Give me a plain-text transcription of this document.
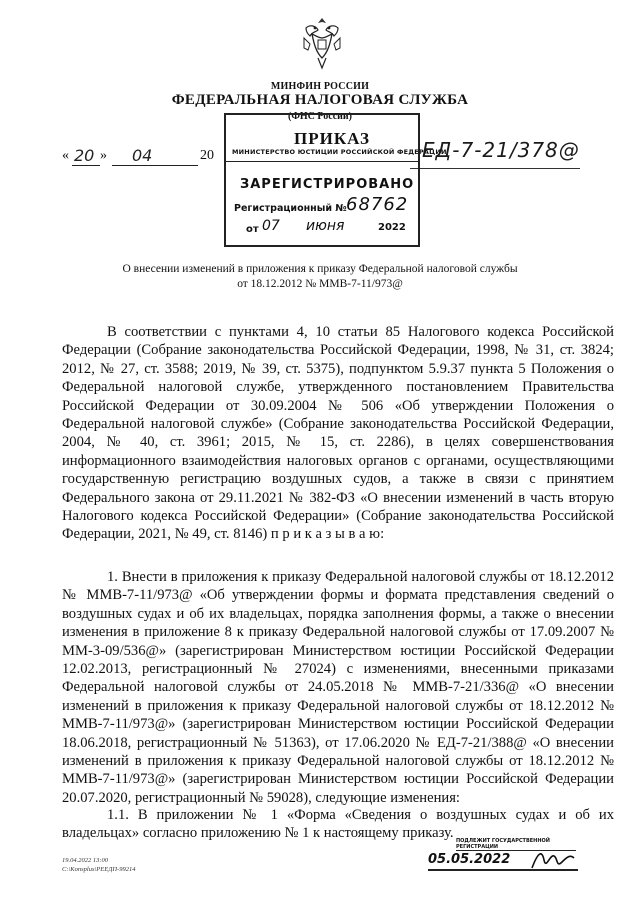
МИНФИН РОССИИ
ФЕДЕРАЛЬНАЯ НАЛОГОВАЯ СЛУЖБА
(ФНС России)
ПРИКАЗ
« 20 » 04	20	ЕД-7-21/378@
МИНИСТЕРСТВО ЮСТИЦИИ РОССИЙСКОЙ ФЕДЕРАЦИИ
ЗАРЕГИСТРИРОВАНО
Регистрационный № 68762
от 07 июня	2022
О внесении изменений в приложения к приказу Федеральной налоговой службы
от 18.12.2012 № ММВ-7-11/973@
В соответствии с пунктами 4, 10 статьи 85 Налогового кодекса Российской Федерации (Собрание законодательства Российской Федерации, 1998, № 31, ст. 3824; 2012, № 27, ст. 3588; 2019, № 39, ст. 5375), подпунктом 5.9.37 пункта 5 Положения о Федеральной налоговой службе, утвержденного постановлением Правительства Российской Федерации от 30.09.2004 № 506 «Об утверждении Положения о Федеральной налоговой службе» (Собрание законодательства Российской Федерации, 2004, № 40, ст. 3961; 2015, № 15, ст. 2286), в целях совершенствования информационного взаимодействия налоговых органов с органами, осуществляющими государственную регистрацию воздушных судов, а также в связи с принятием Федерального закона от 29.11.2021 № 382-ФЗ «О внесении изменений в часть вторую Налогового кодекса Российской Федерации» (Собрание законодательства Российской Федерации, 2021, № 49, ст. 8146) п р и к а з ы в а ю:
1. Внести в приложения к приказу Федеральной налоговой службы от 18.12.2012 № ММВ-7-11/973@ «Об утверждении формы и формата представления сведений о воздушных судах и об их владельцах, порядка заполнения формы, а также о внесении изменения в приложение 8 к приказу Федеральной налоговой службы от 17.09.2007 № ММ-3-09/536@» (зарегистрирован Министерством юстиции Российской Федерации 12.02.2013, регистрационный № 27024) с изменениями, внесенными приказами Федеральной налоговой службы от 24.05.2018 № ММВ-7-21/336@ «О внесении изменений в приложения к приказу Федеральной налоговой службы от 18.12.2012 № ММВ-7-11/973@» (зарегистрирован Министерством юстиции Российской Федерации 18.06.2018, регистрационный № 51363), от 17.06.2020 № ЕД-7-21/388@ «О внесении изменений в приложения к приказу Федеральной налоговой службы от 18.12.2012 № ММВ-7-11/973@» (зарегистрирован Министерством юстиции Российской Федерации 20.07.2020, регистрационный № 59028), следующие изменения:
1.1. В приложении № 1 «Форма «Сведения о воздушных судах и об их владельцах» согласно приложению № 1 к настоящему приказу.
19.04.2022 13:00
C:\Konsplus\РЕЕДП-99214
ПОДЛЕЖИТ ГОСУДАРСТВЕННОЙ РЕГИСТРАЦИИ
05.05.2022
